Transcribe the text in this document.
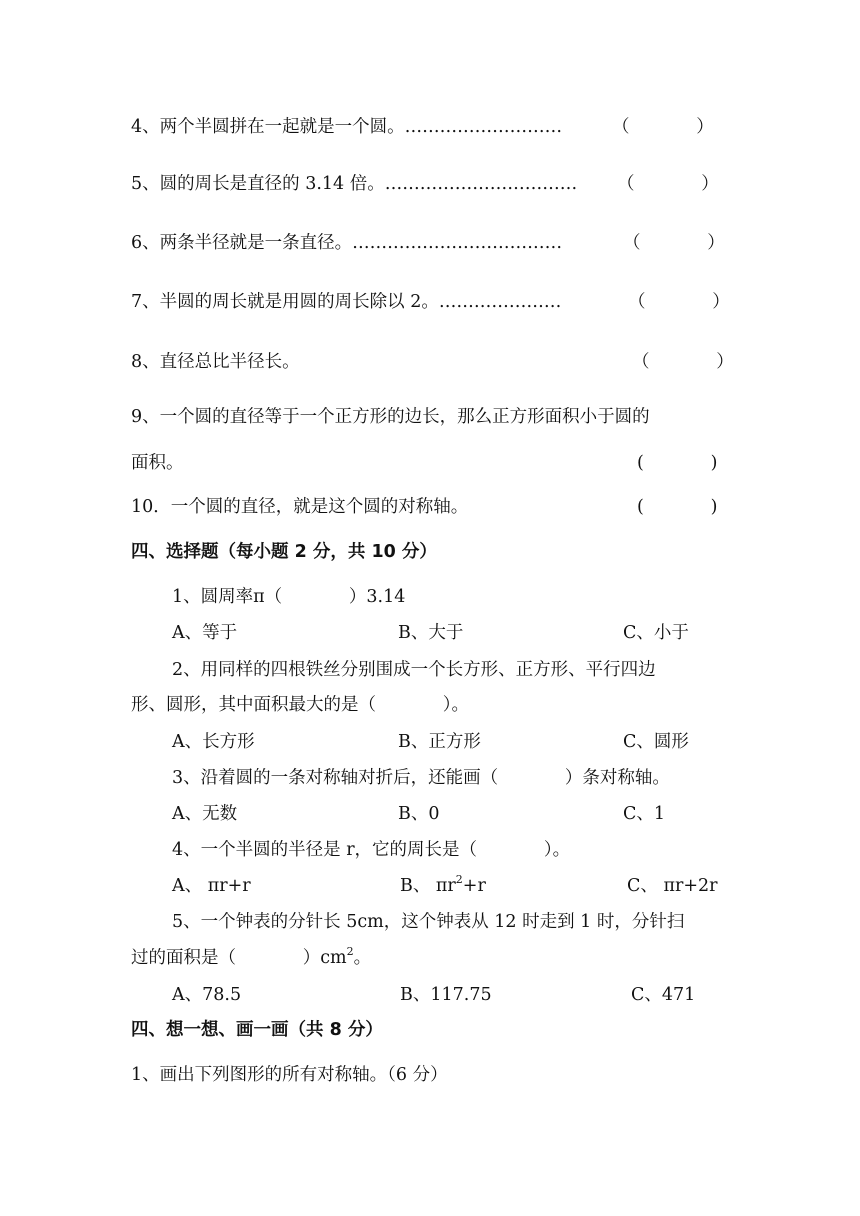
4、两个半圆拼在一起就是一个圆。………………………	（            ）
5、圆的周长是直径的 3.14 倍。…………………………… （            ）
6、两条半径就是一条直径。………………………………	（            ）
7、半圆的周长就是用圆的周长除以 2。…………………	（            ）
8、直径总比半径长。	（            ）
9、一个圆的直径等于一个正方形的边长，那么正方形面积小于圆的
面积。	(            )
10．一个圆的直径，就是这个圆的对称轴。	(            )
四、选择题（每小题 2 分，共 10 分）
1、圆周率π（            ）3.14
A、等于	B、大于	C、小于
2、用同样的四根铁丝分别围成一个长方形、正方形、平行四边
形、圆形，其中面积最大的是（            ）。
A、长方形	B、正方形	C、圆形
3、沿着圆的一条对称轴对折后，还能画（            ）条对称轴。
A、无数	B、0	C、1
4、一个半圆的半径是 r，它的周长是（            ）。
A、 πr+r	B、 $\pi r^2+r$	C、 πr+2r
5、一个钟表的分针长 5cm，这个钟表从 12 时走到 1 时，分针扫
过的面积是（            ）$cm^2$。
A、78.5	B、117.75	C、471
四、想一想、画一画（共 8 分）
1、画出下列图形的所有对称轴。（6 分）
